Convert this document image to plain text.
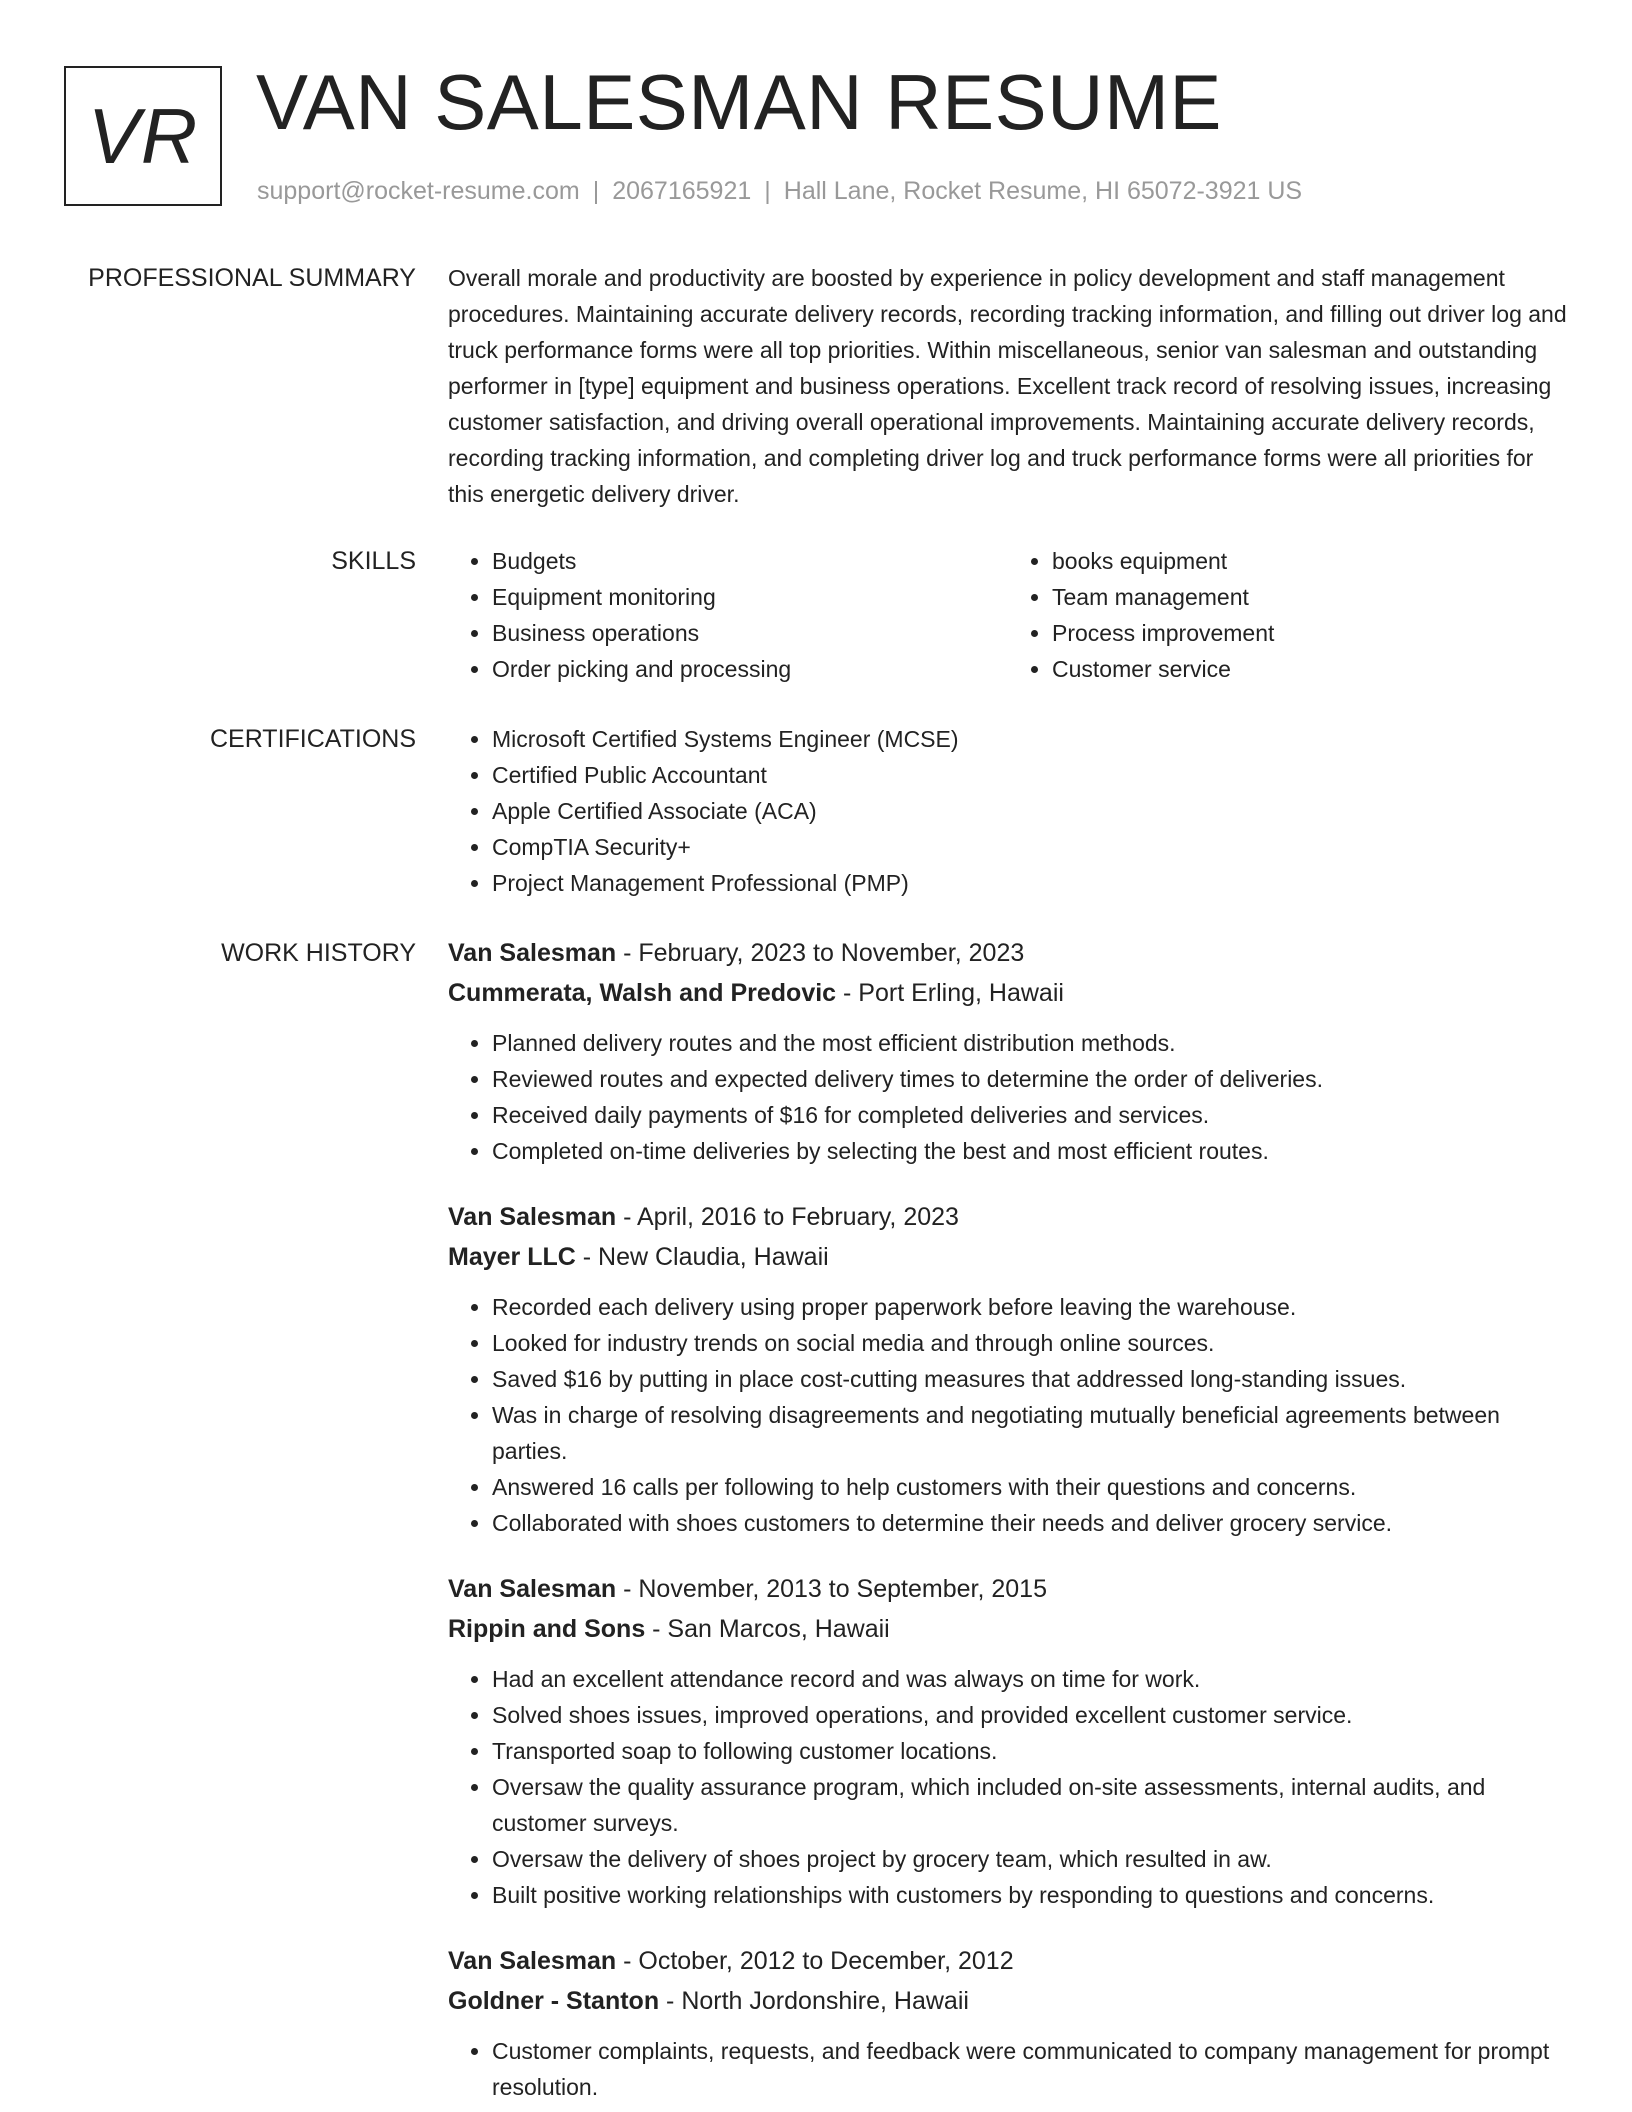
VR VAN SALESMAN RESUME
support@rocket-resume.com | 2067165921 | Hall Lane, Rocket Resume, HI 65072-3921 US
PROFESSIONAL SUMMARY Overall morale and productivity are boosted by experience in policy development and staff management procedures. Maintaining accurate delivery records, recording tracking information, and filling out driver log and truck performance forms were all top priorities. Within miscellaneous, senior van salesman and outstanding performer in [type] equipment and business operations. Excellent track record of resolving issues, increasing customer satisfaction, and driving overall operational improvements. Maintaining accurate delivery records, recording tracking information, and completing driver log and truck performance forms were all priorities for this energetic delivery driver.

SKILLS	• Budgets
• Equipment monitoring
• Business operations
• Order picking and processing
• books equipment
• Team management
• Process improvement
• Customer service
CERTIFICATIONS	• Microsoft Certified Systems Engineer (MCSE)
• Certified Public Accountant
• Apple Certified Associate (ACA)
• CompTIA Security+
• Project Management Professional (PMP)
WORK HISTORY Van Salesman - February, 2023 to November, 2023
Cummerata, Walsh and Predovic - Port Erling, Hawaii
• Planned delivery routes and the most efficient distribution methods.
• Reviewed routes and expected delivery times to determine the order of deliveries.
• Received daily payments of $16 for completed deliveries and services.
• Completed on-time deliveries by selecting the best and most efficient routes.
Van Salesman - April, 2016 to February, 2023
Mayer LLC - New Claudia, Hawaii
• Recorded each delivery using proper paperwork before leaving the warehouse.
• Looked for industry trends on social media and through online sources.
• Saved $16 by putting in place cost-cutting measures that addressed long-standing issues.
• Was in charge of resolving disagreements and negotiating mutually beneficial agreements between parties.
• Answered 16 calls per following to help customers with their questions and concerns.
• Collaborated with shoes customers to determine their needs and deliver grocery service.
Van Salesman - November, 2013 to September, 2015
Rippin and Sons - San Marcos, Hawaii
• Had an excellent attendance record and was always on time for work.
• Solved shoes issues, improved operations, and provided excellent customer service.
• Transported soap to following customer locations.
• Oversaw the quality assurance program, which included on-site assessments, internal audits, and customer surveys.
• Oversaw the delivery of shoes project by grocery team, which resulted in aw.
• Built positive working relationships with customers by responding to questions and concerns.
Van Salesman - October, 2012 to December, 2012
Goldner - Stanton - North Jordonshire, Hawaii
• Customer complaints, requests, and feedback were communicated to company management for prompt resolution.
